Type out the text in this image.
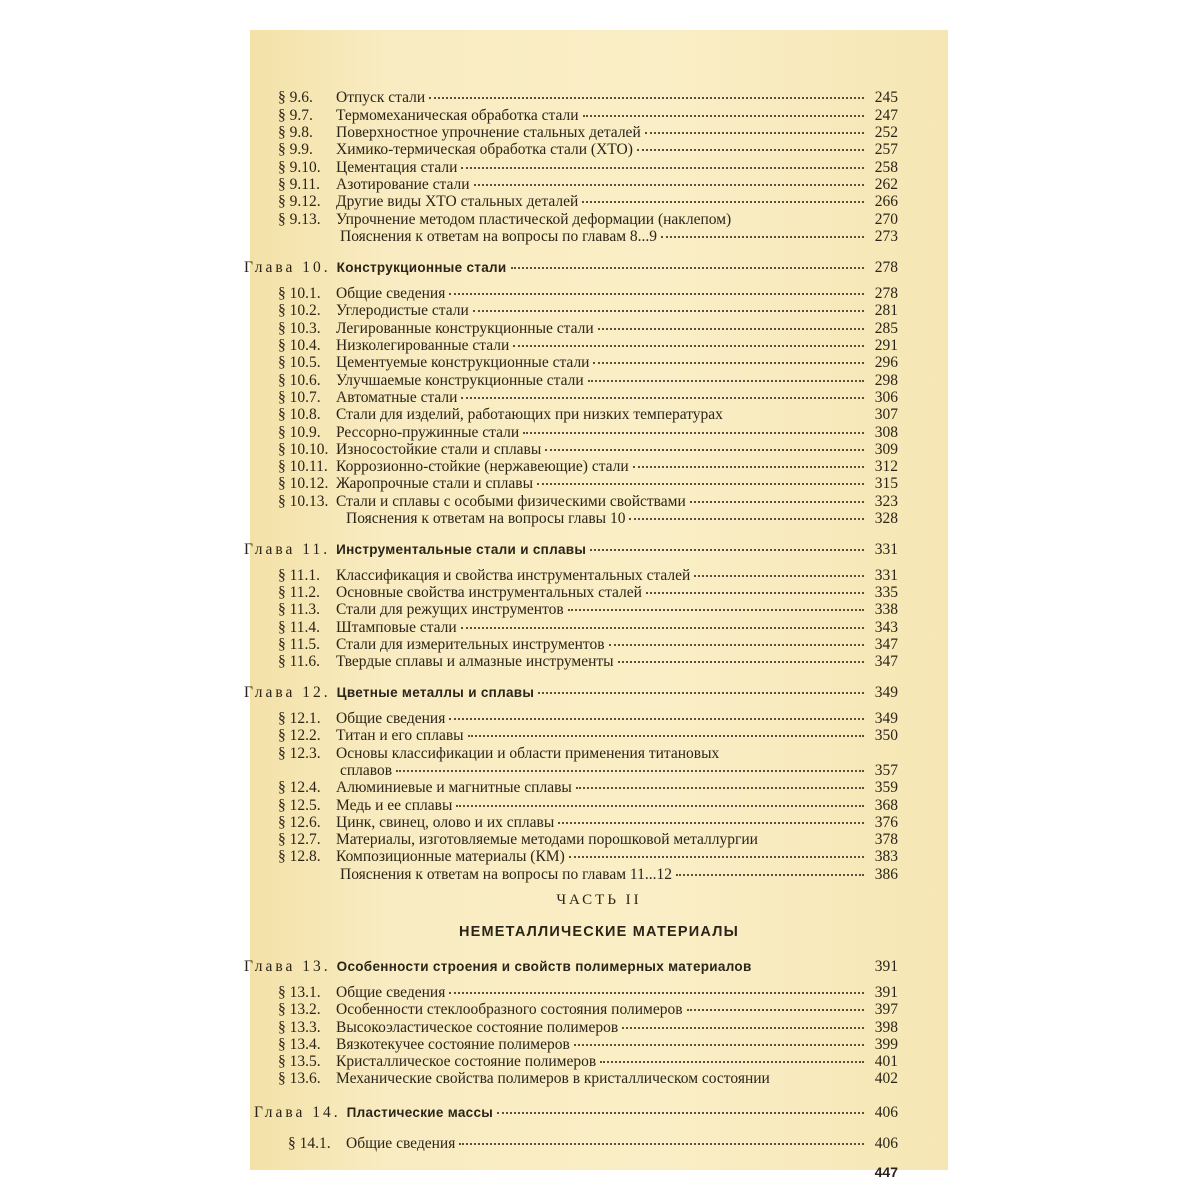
§ 9.6.	Отпуск стали	245
§ 9.7.	Термомеханическая обработка стали	247
§ 9.8.	Поверхностное упрочнение стальных деталей	252
§ 9.9.	Химико-термическая обработка стали (ХТО)	257
§ 9.10. Цементация стали	258
§ 9.11.	Азотирование стали	262
§ 9.12. Другие виды ХТО стальных деталей	266
§ 9.13. Упрочнение методом пластической деформации (наклепом)	270
Пояснения к ответам на вопросы по главам 8...9	273
Глава 10. Конструкционные стали	278
§ 10.1. Общие сведения	278
§ 10.2. Углеродистые стали	281
§ 10.3. Легированные конструкционные стали	285
§ 10.4. Низколегированные стали	291
§ 10.5. Цементуемые конструкционные стали	296
§ 10.6. Улучшаемые конструкционные стали	298
§ 10.7. Автоматные стали	306
§ 10.8. Стали для изделий, работающих при низких температурах	307
§ 10.9. Рессорно-пружинные стали	308
§ 10.10. Износостойкие стали и сплавы	309
§ 10.11. Коррозионно-стойкие (нержавеющие) стали	312
§ 10.12. Жаропрочные стали и сплавы	315
§ 10.13. Стали и сплавы с особыми физическими свойствами	323
Пояснения к ответам на вопросы главы 10	328
Глава 11. Инструментальные стали и сплавы	331
§ 11.1.	Классификация и свойства инструментальных сталей	331
§ 11.2.	Основные свойства инструментальных сталей	335
§ 11.3.	Стали для режущих инструментов	338
§ 11.4.	Штамповые стали	343
§ 11.5.	Стали для измерительных инструментов	347
§ 11.6.	Твердые сплавы и алмазные инструменты	347
Глава 12. Цветные металлы и сплавы	349
§ 12.1. Общие сведения	349
§ 12.2. Титан и его сплавы	350
§ 12.3. Основы классификации и области применения титановых
сплавов	357
§ 12.4. Алюминиевые и магнитные сплавы	359
§ 12.5. Медь и ее сплавы	368
§ 12.6. Цинк, свинец, олово и их сплавы	376
§ 12.7. Материалы, изготовляемые методами порошковой металлургии	378
§ 12.8. Композиционные материалы (КМ)	383
Пояснения к ответам на вопросы по главам 11...12	386
Глава 13. Особенности строения и свойств полимерных материалов	391
§ 13.1. Общие сведения	391
§ 13.2. Особенности стеклообразного состояния полимеров	397
§ 13.3. Высокоэластическое состояние полимеров	398
§ 13.4. Вязкотекучее состояние полимеров	399
§ 13.5. Кристаллическое состояние полимеров	401
§ 13.6. Механические свойства полимеров в кристаллическом состоянии	402
Глава 14. Пластические массы	406
§ 14.1. Общие сведения	406
ЧАСТЬ II
НЕМЕТАЛЛИЧЕСКИЕ МАТЕРИАЛЫ
447
